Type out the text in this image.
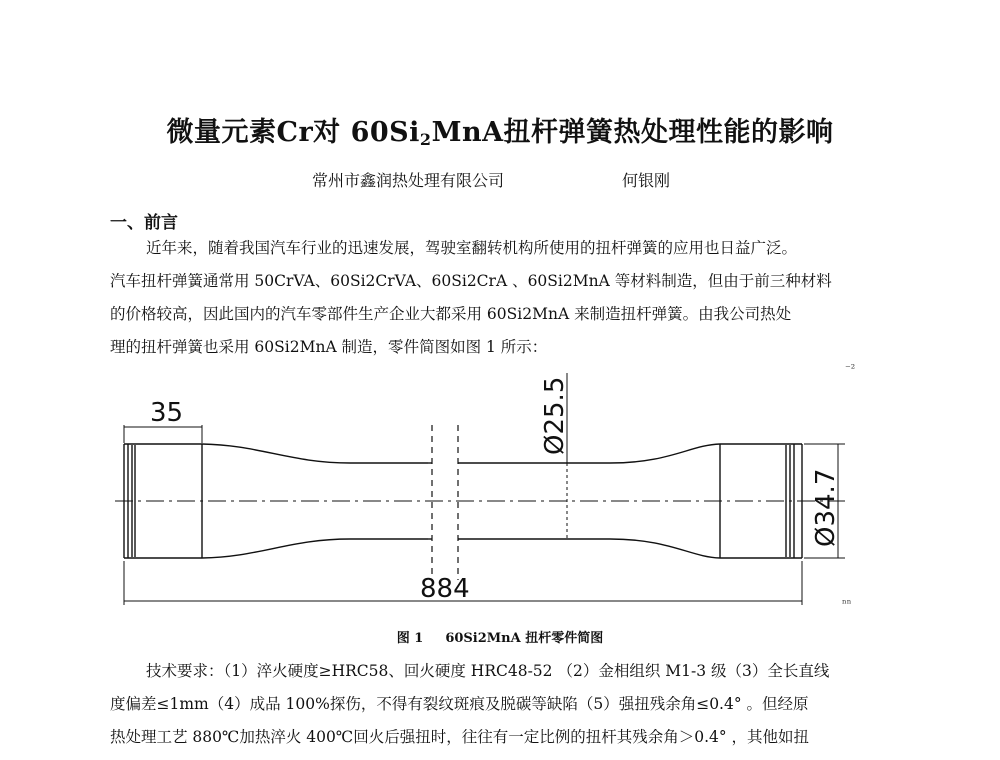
微量元素Cr对 $60Si_2MnA$扭杆弹簧热处理性能的影响
常州市鑫润热处理有限公司	何银刚
一、前言
近年来，随着我国汽车行业的迅速发展，驾驶室翻转机构所使用的扭杆弹簧的应用也日益广泛。
汽车扭杆弹簧通常用 50CrVA、60Si2CrVA、60Si2CrA 、60Si2MnA 等材料制造，但由于前三种材料
的价格较高，因此国内的汽车零部件生产企业大都采用 60Si2MnA 来制造扭杆弹簧。由我公司热处
理的扭杆弹簧也采用 60Si2MnA 制造，零件简图如图 1 所示：
⁻²
ⁿⁿ
35	Ø25.5
Ø34.7
884
图 1 60Si2MnA 扭杆零件简图
技术要求：（1）淬火硬度≥HRC58、回火硬度 HRC48-52 （2）金相组织 M1-3 级（3）全长直线
度偏差≤1mm（4）成品 100%探伤，不得有裂纹斑痕及脱碳等缺陷（5）强扭残余角≤0.4° 。但经原
热处理工艺 880℃加热淬火 400℃回火后强扭时，往往有一定比例的扭杆其残余角＞0.4° ，其他如扭
